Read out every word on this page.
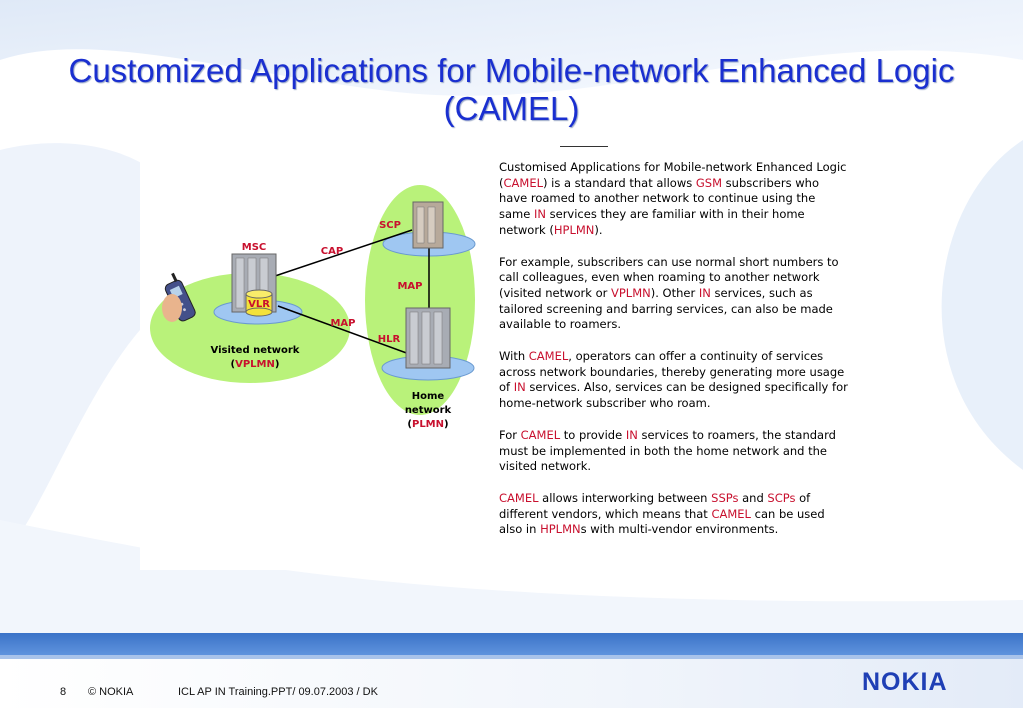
Customized Applications for Mobile-network Enhanced Logic (CAMEL)
MSC
VLR
CAP
MAP
SCP
MAP
HLR
Visited network
(VPLMN)
Home
network
(PLMN)

Customised Applications for Mobile-network Enhanced Logic (CAMEL) is a standard that allows GSM subscribers who have roamed to another network to continue using the same IN services they are familiar with in their home network (HPLMN).

For example, subscribers can use normal short numbers to call colleagues, even when roaming to another network (visited network or VPLMN). Other IN services, such as tailored screening and barring services, can also be made available to roamers.

With CAMEL, operators can offer a continuity of services across network boundaries, thereby generating more usage of IN services. Also, services can be designed specifically for home-network subscriber who roam.

For CAMEL to provide IN services to roamers, the standard must be implemented in both the home network and the visited network.

CAMEL allows interworking between SSPs and SCPs of different vendors, which means that CAMEL can be used also in HPLMNs with multi-vendor environments.

8 © NOKIA	ICL AP IN Training.PPT/ 09.07.2003 / DK	NOKIA
